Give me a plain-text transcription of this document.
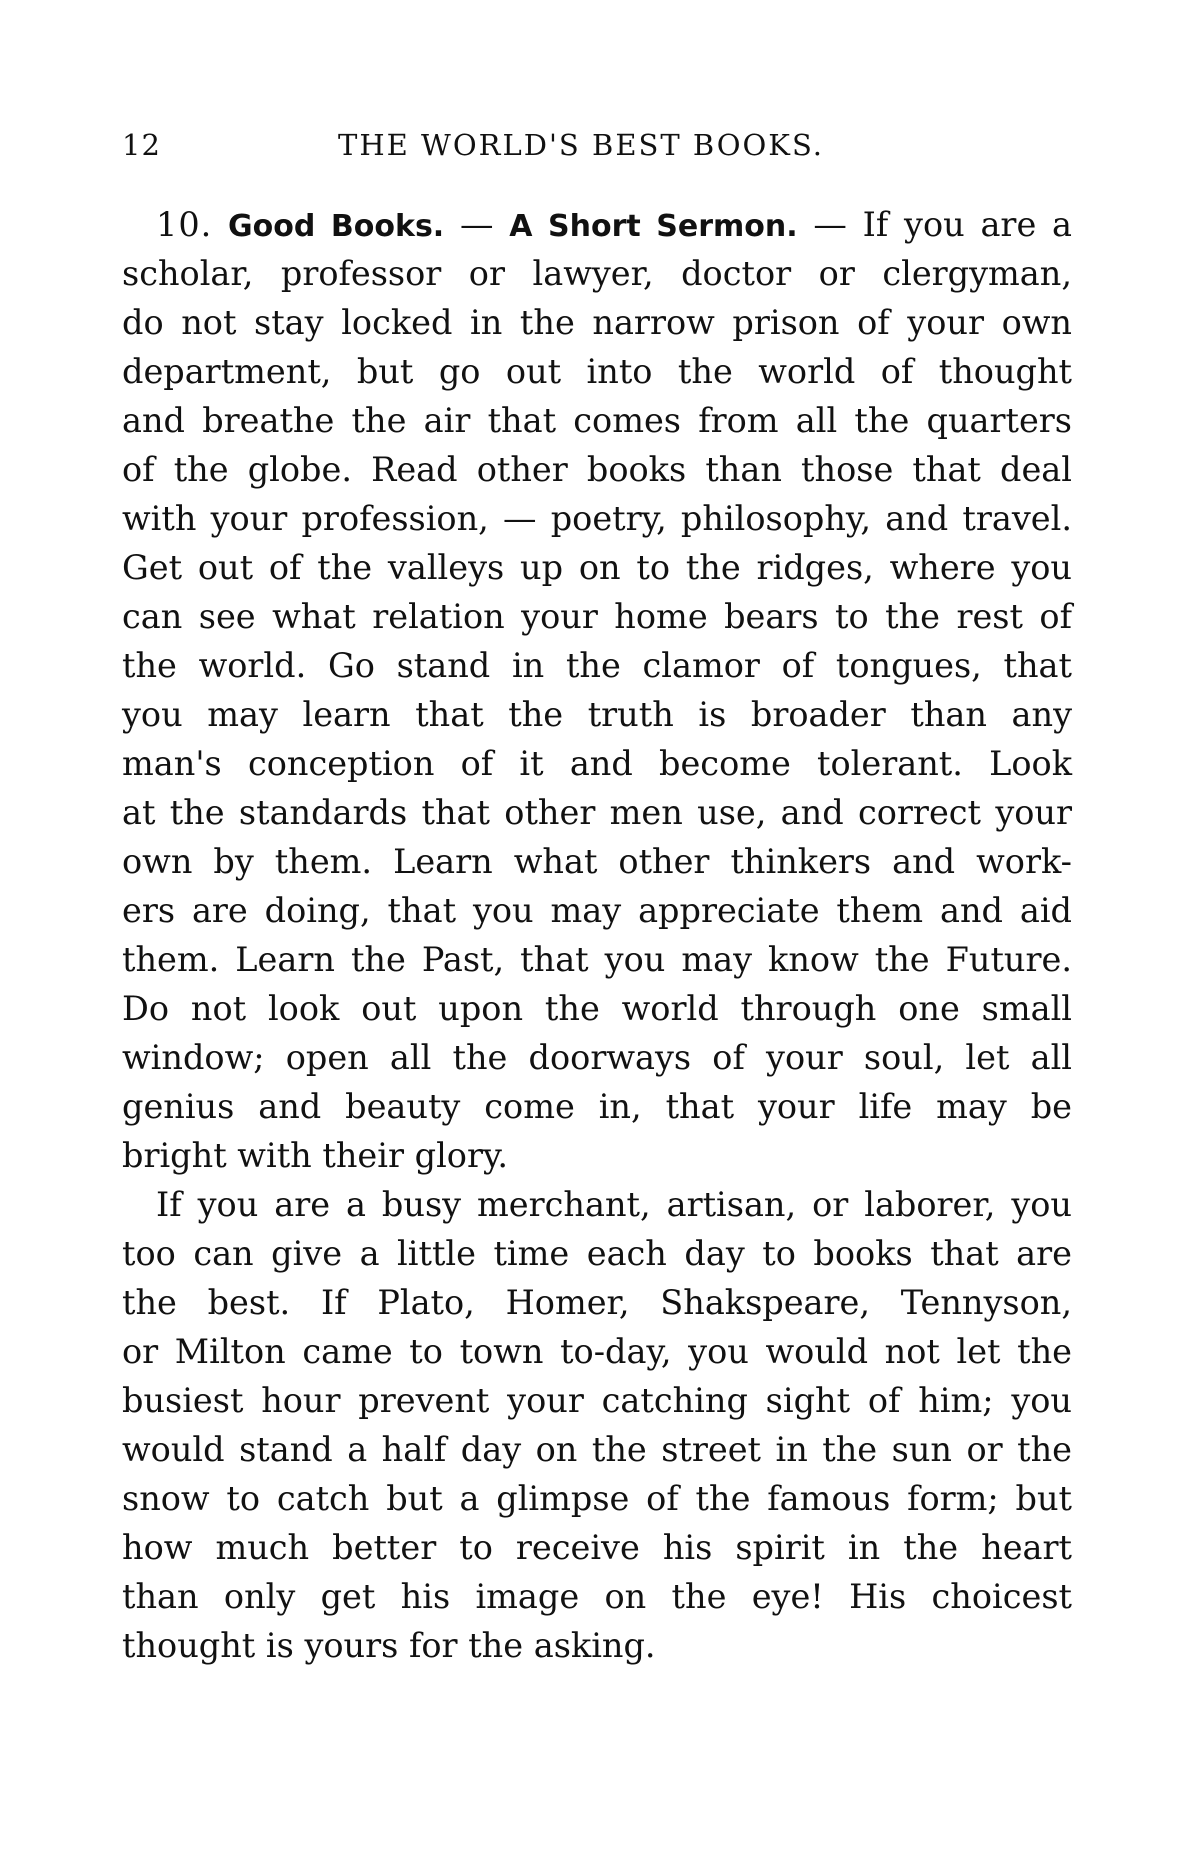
12	THE WORLD'S BEST BOOKS.
10. Good Books. — A Short Sermon. — If you are a
scholar, professor or lawyer, doctor or clergyman,
do not stay locked in the narrow prison of your own
department, but go out into the world of thought
and breathe the air that comes from all the quarters
of the globe. Read other books than those that deal
with your profession, — poetry, philosophy, and travel.
Get out of the valleys up on to the ridges, where you
can see what relation your home bears to the rest of
the world. Go stand in the clamor of tongues, that
you may learn that the truth is broader than any
man's conception of it and become tolerant. Look
at the standards that other men use, and correct your
own by them. Learn what other thinkers and work-
ers are doing, that you may appreciate them and aid
them. Learn the Past, that you may know the Future.
Do not look out upon the world through one small
window; open all the doorways of your soul, let all
genius and beauty come in, that your life may be
bright with their glory.
If you are a busy merchant, artisan, or laborer, you
too can give a little time each day to books that are
the best. If Plato, Homer, Shakspeare, Tennyson,
or Milton came to town to-day, you would not let the
busiest hour prevent your catching sight of him; you
would stand a half day on the street in the sun or the
snow to catch but a glimpse of the famous form; but
how much better to receive his spirit in the heart
than only get his image on the eye! His choicest
thought is yours for the asking.
